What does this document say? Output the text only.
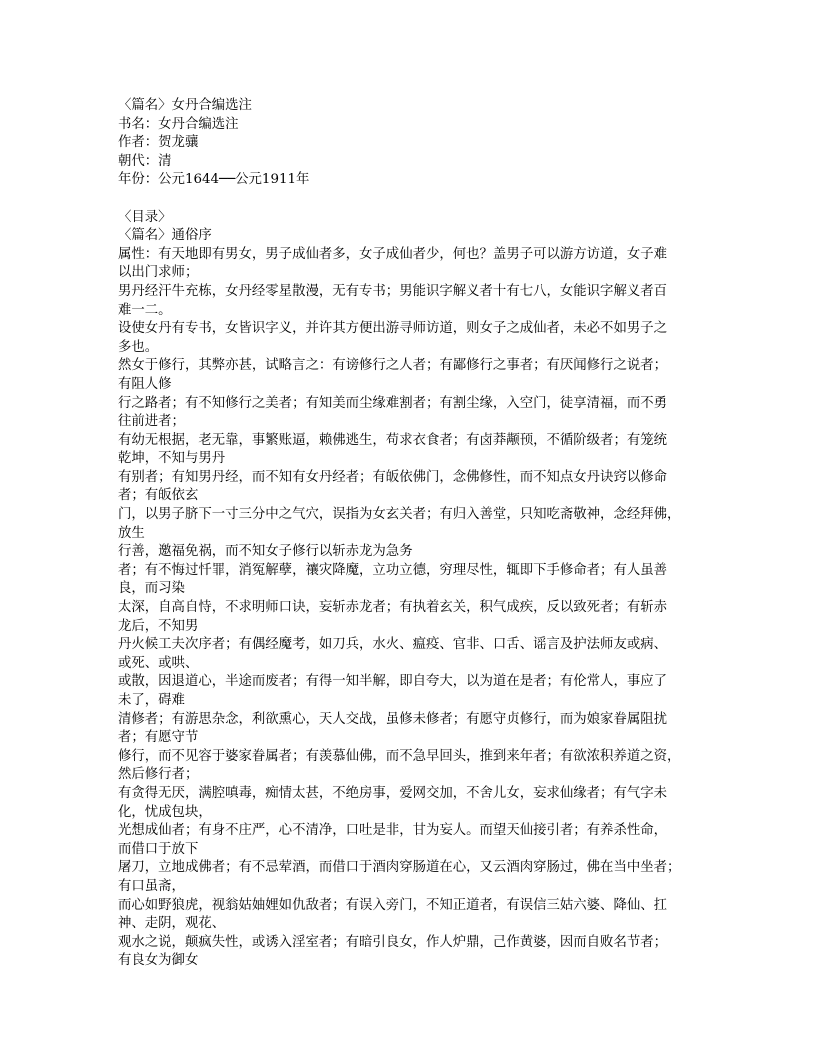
〈篇名〉女丹合编选注
书名：女丹合编选注
作者：贺龙骧
朝代：清
年份：公元1644──公元1911年
〈目录〉
〈篇名〉通俗序
属性：有天地即有男女，男子成仙者多，女子成仙者少，何也？盖男子可以游方访道，女子难
以出门求师；
男丹经汗牛充栋，女丹经零星散漫，无有专书；男能识字解义者十有七八，女能识字解义者百
难一二。
设使女丹有专书，女皆识字义，并许其方便出游寻师访道，则女子之成仙者，未必不如男子之
多也。
然女于修行，其弊亦甚，试略言之：有谤修行之人者；有鄙修行之事者；有厌闻修行之说者；
有阻人修
行之路者；有不知修行之美者；有知美而尘缘难割者；有割尘缘，入空门，徒享清福，而不勇
往前进者；
有幼无根据，老无靠，事繁账逼，赖佛逃生，苟求衣食者；有卤莽颟顸，不循阶级者；有笼统
乾坤，不知与男丹
有别者；有知男丹经，而不知有女丹经者；有皈依佛门，念佛修性，而不知点女丹诀窍以修命
者；有皈依玄
门，以男子脐下一寸三分中之气穴，误指为女玄关者；有归入善堂，只知吃斋敬神，念经拜佛，
放生
行善，邀福免祸，而不知女子修行以斩赤龙为急务
者；有不悔过忏罪，消冤解孽，禳灾降魔，立功立德，穷理尽性，辄即下手修命者；有人虽善
良，而习染
太深，自高自恃，不求明师口诀，妄斩赤龙者；有执着玄关，积气成疾，反以致死者；有斩赤
龙后，不知男
丹火候工夫次序者；有偶经魔考，如刀兵，水火、瘟疫、官非、口舌、谣言及护法师友或病、
或死、或哄、
或散，因退道心，半途而废者；有得一知半解，即自夸大，以为道在是者；有伦常人，事应了
未了，碍难
清修者；有游思杂念，利欲熏心，天人交战，虽修未修者；有愿守贞修行，而为娘家眷属阻扰
者；有愿守节
修行，而不见容于婆家眷属者；有羡慕仙佛，而不急早回头，推到来年者；有欲浓积养道之资，
然后修行者；
有贪得无厌，满腔嗔毒，痴情太甚，不绝房事，爱网交加，不舍儿女，妄求仙缘者；有气字未
化，忧成包块，
光想成仙者；有身不庄严，心不清净，口吐是非，甘为妄人。而望天仙接引者；有养杀性命，
而借口于放下
屠刀，立地成佛者；有不忌荤酒，而借口于酒肉穿肠道在心，又云酒肉穿肠过，佛在当中坐者；
有口虽斋，
而心如野狼虎，视翁姑妯娌如仇敌者；有误入旁门，不知正道者，有误信三姑六婆、降仙、扛
神、走阴，观花、
观水之说，颠疯失性，或诱入淫室者；有暗引良女，作人炉鼎，己作黄婆，因而自败名节者；
有良女为御女
